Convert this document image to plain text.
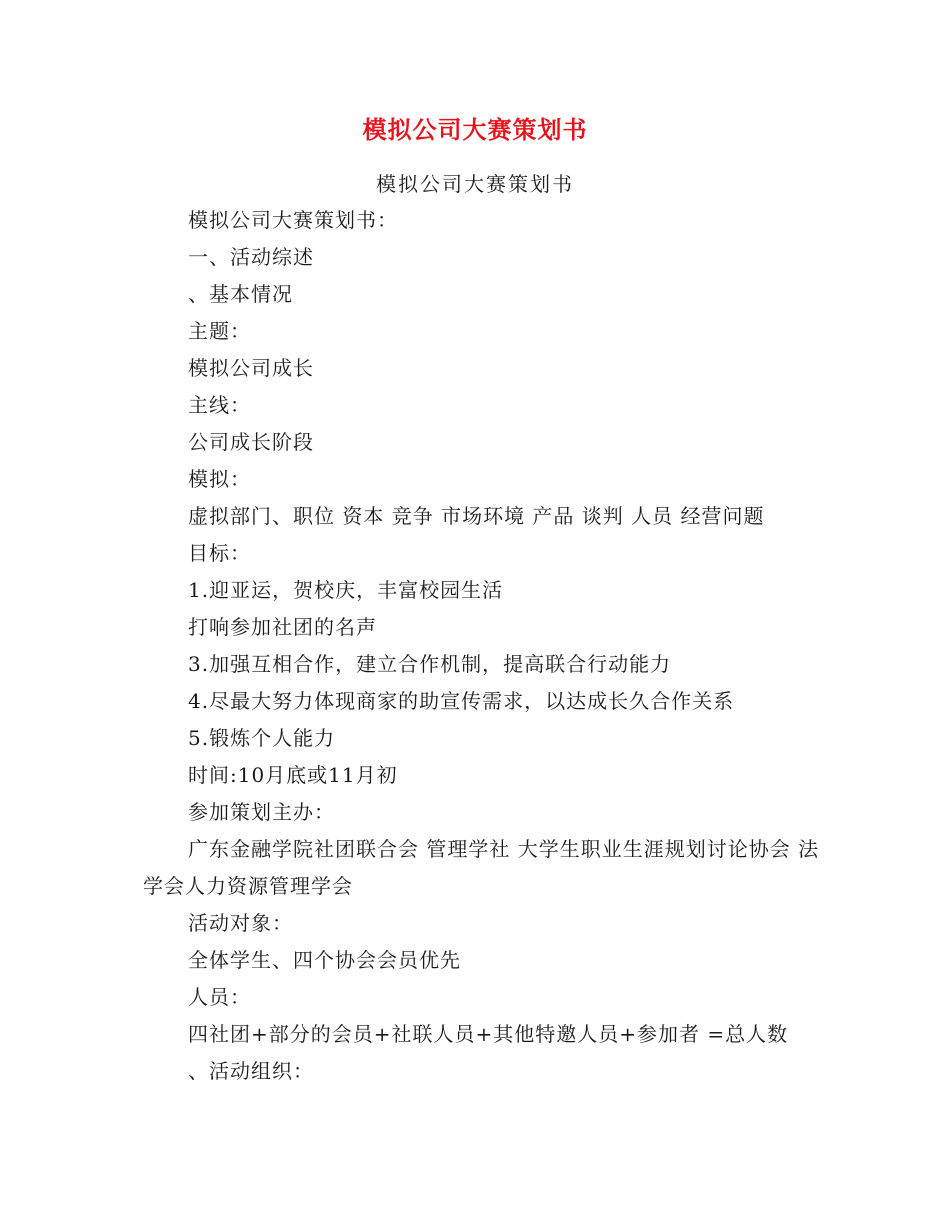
模拟公司大赛策划书
模拟公司大赛策划书
模拟公司大赛策划书：
一、活动综述
、基本情况
主题：
模拟公司成长
主线：
公司成长阶段
模拟：
虚拟部门、职位 资本 竞争 市场环境 产品 谈判 人员 经营问题
目标：
1.迎亚运，贺校庆，丰富校园生活
打响参加社团的名声
3.加强互相合作，建立合作机制，提高联合行动能力
4.尽最大努力体现商家的助宣传需求，以达成长久合作关系
5.锻炼个人能力
时间:10月底或11月初
参加策划主办：
广东金融学院社团联合会 管理学社 大学生职业生涯规划讨论协会 法学会人力资源管理学会
活动对象：
全体学生、四个协会会员优先
人员：
四社团+部分的会员+社联人员+其他特邀人员+参加者 =总人数
、活动组织：
